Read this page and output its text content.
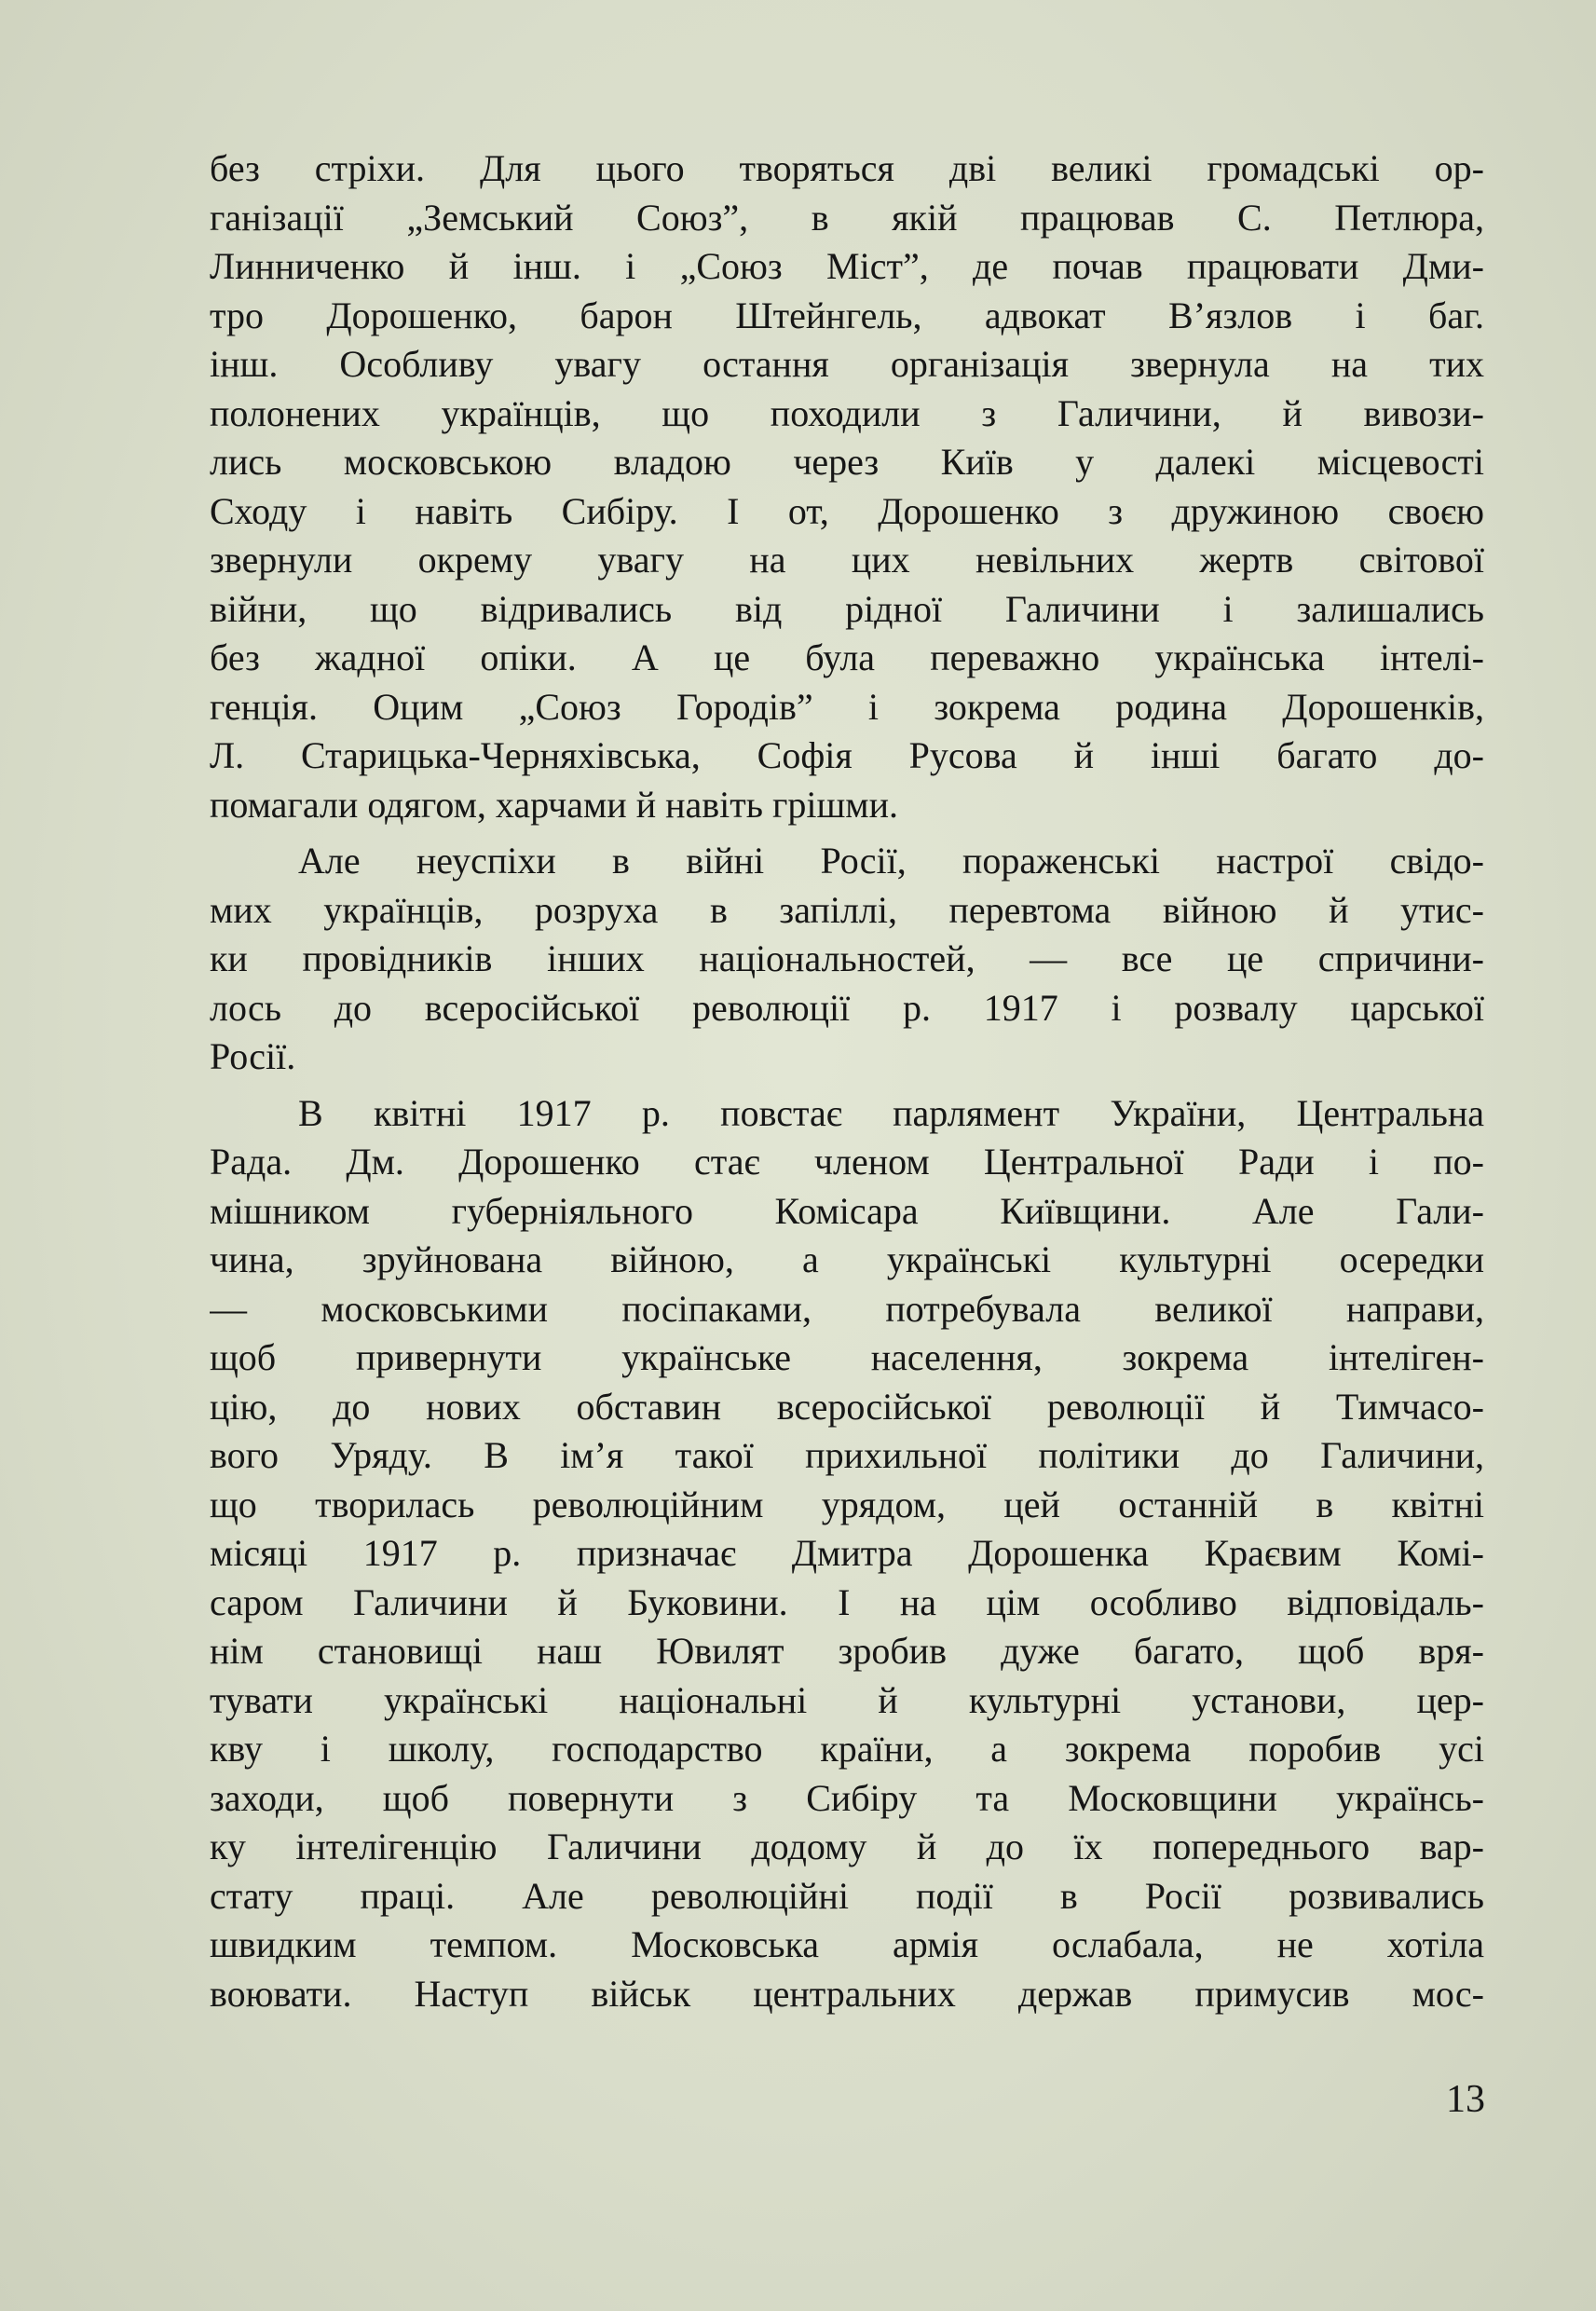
без стріхи. Для цього творяться дві великі громадські ор-
ганізації „Земський Союз”, в якій працював С. Петлюра,
Линниченко й інш. і „Союз Міст”, де почав працювати Дми-
тро Дорошенко, барон Штейнгель, адвокат В’язлов і баг.
інш. Особливу увагу остання організація звернула на тих
полонених українців, що походили з Галичини, й вивози-
лись московською владою через Київ у далекі місцевості
Сходу і навіть Сибіру. І от, Дорошенко з дружиною своєю
звернули окрему увагу на цих невільних жертв світової
війни, що відривались від рідної Галичини і залишались
без жадної опіки. А це була переважно українська інтелі-
генція. Оцим „Союз Городів” і зокрема родина Дорошенків,
Л. Старицька-Черняхівська, Софія Русова й інші багато до-
помагали одягом, харчами й навіть грішми.
Але неуспіхи в війні Росії, пораженські настрої свідо-
мих українців, розруха в запіллі, перевтома війною й утис-
ки провідників інших національностей, — все це спричини-
лось до всеросійської революції р. 1917 і розвалу царської
Росії.
В квітні 1917 р. повстає парлямент України, Центральна
Рада. Дм. Дорошенко стає членом Центральної Ради і по-
мішником губерніяльного Комісара Київщини. Але Гали-
чина, зруйнована війною, а українські культурні осередки
— московськими посіпаками, потребувала великої направи,
щоб привернути українське населення, зокрема інтеліген-
цію, до нових обставин всеросійської революції й Тимчасо-
вого Уряду. В ім’я такої прихильної політики до Галичини,
що творилась революційним урядом, цей останній в квітні
місяці 1917 р. призначає Дмитра Дорошенка Краєвим Комі-
саром Галичини й Буковини. І на цім особливо відповідаль-
нім становищі наш Ювилят зробив дуже багато, щоб вря-
тувати українські національні й культурні установи, цер-
кву і школу, господарство країни, а зокрема поробив усі
заходи, щоб повернути з Сибіру та Московщини українсь-
ку інтелігенцію Галичини додому й до їх попереднього вар-
стату праці. Але революційні події в Росії розвивались
швидким темпом. Московська армія ослабала, не хотіла
воювати. Наступ військ центральних держав примусив мос-
13
